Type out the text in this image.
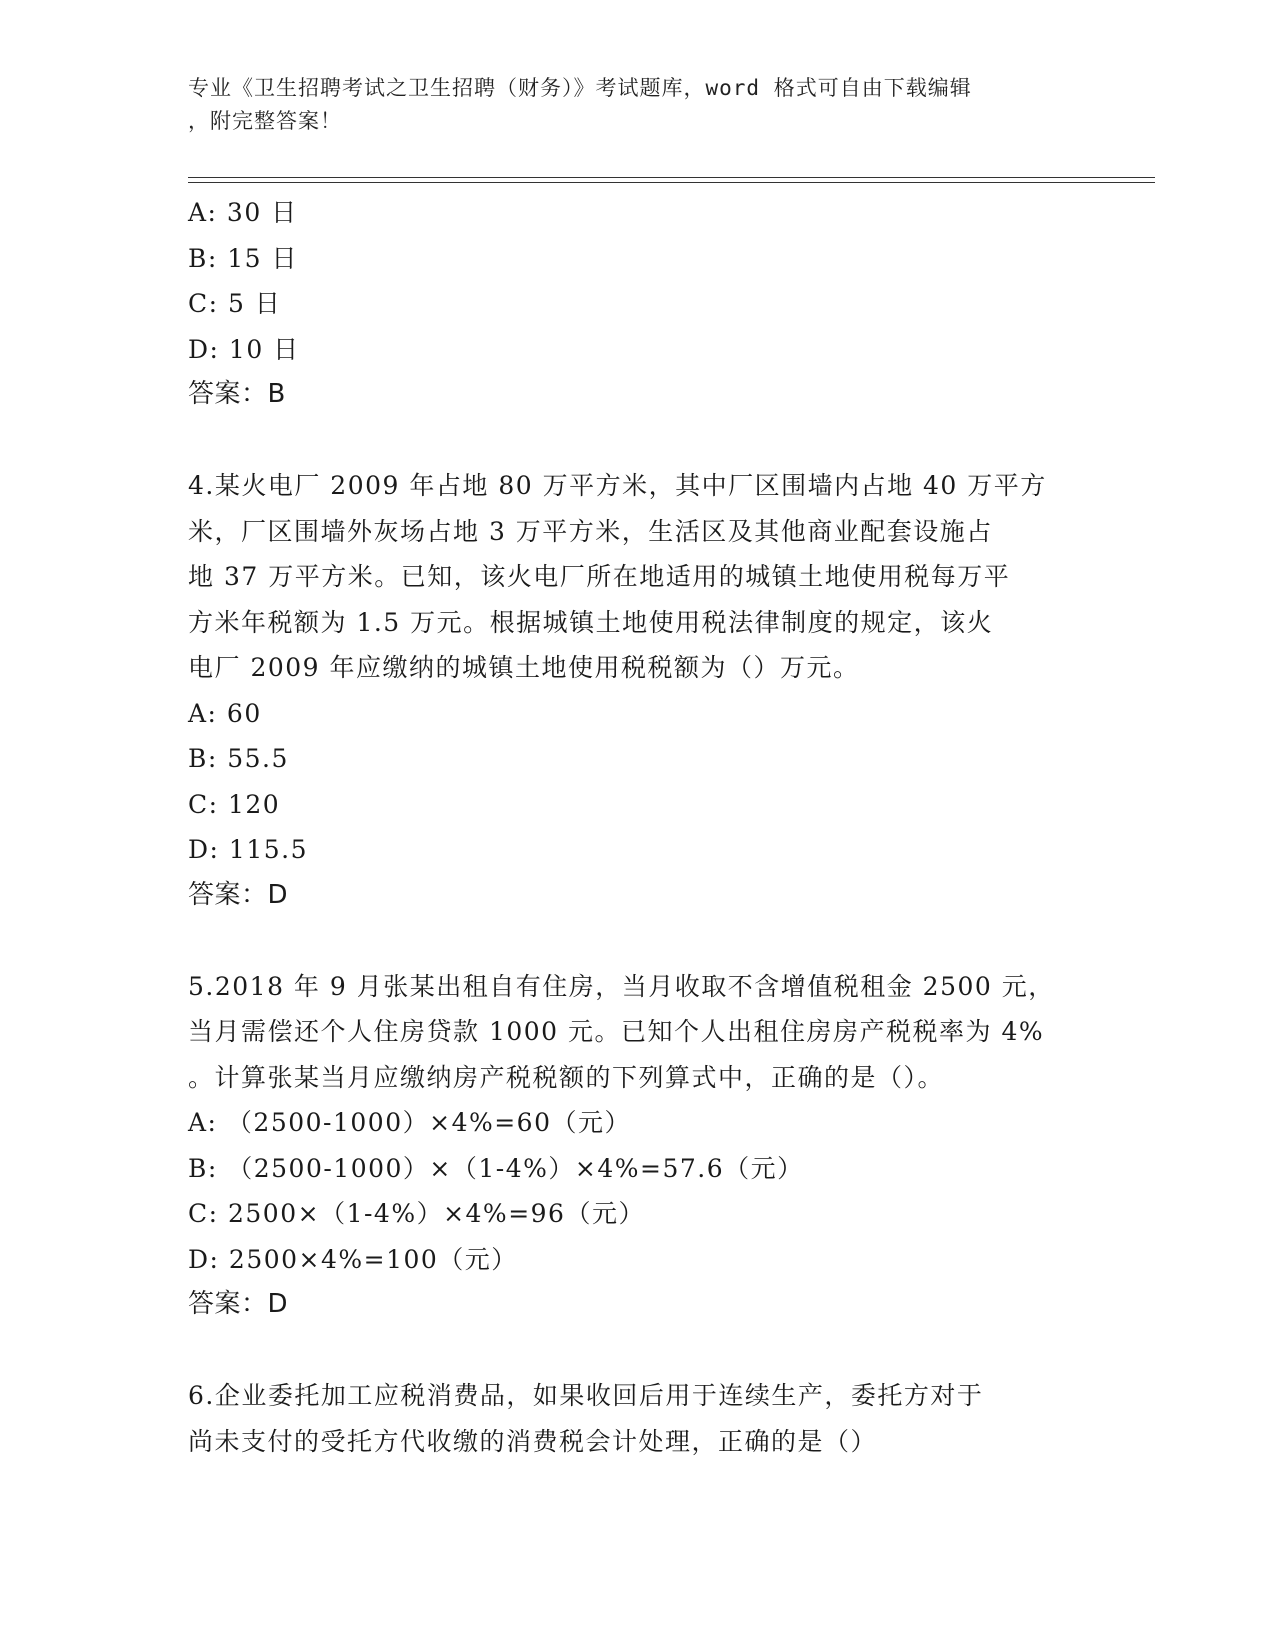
专业《卫生招聘考试之卫生招聘（财务）》考试题库，word 格式可自由下载编辑
，附完整答案！
A: 30 日
B: 15 日
C: 5 日
D: 10 日
答案：B
4.某火电厂 2009 年占地 80 万平方米，其中厂区围墙内占地 40 万平方
米，厂区围墙外灰场占地 3 万平方米，生活区及其他商业配套设施占
地 37 万平方米。已知，该火电厂所在地适用的城镇土地使用税每万平
方米年税额为 1.5 万元。根据城镇土地使用税法律制度的规定，该火
电厂 2009 年应缴纳的城镇土地使用税税额为（）万元。
A: 60
B: 55.5
C: 120
D: 115.5
答案：D
5.2018 年 9 月张某出租自有住房，当月收取不含增值税租金 2500 元，
当月需偿还个人住房贷款 1000 元。已知个人出租住房房产税税率为 4%
。计算张某当月应缴纳房产税税额的下列算式中，正确的是（）。
A: （2500-1000）×4%=60（元）
B: （2500-1000）×（1-4%）×4%=57.6（元）
C: 2500×（1-4%）×4%=96（元）
D: 2500×4%=100（元）
答案：D
6.企业委托加工应税消费品，如果收回后用于连续生产，委托方对于
尚未支付的受托方代收缴的消费税会计处理，正确的是（）
